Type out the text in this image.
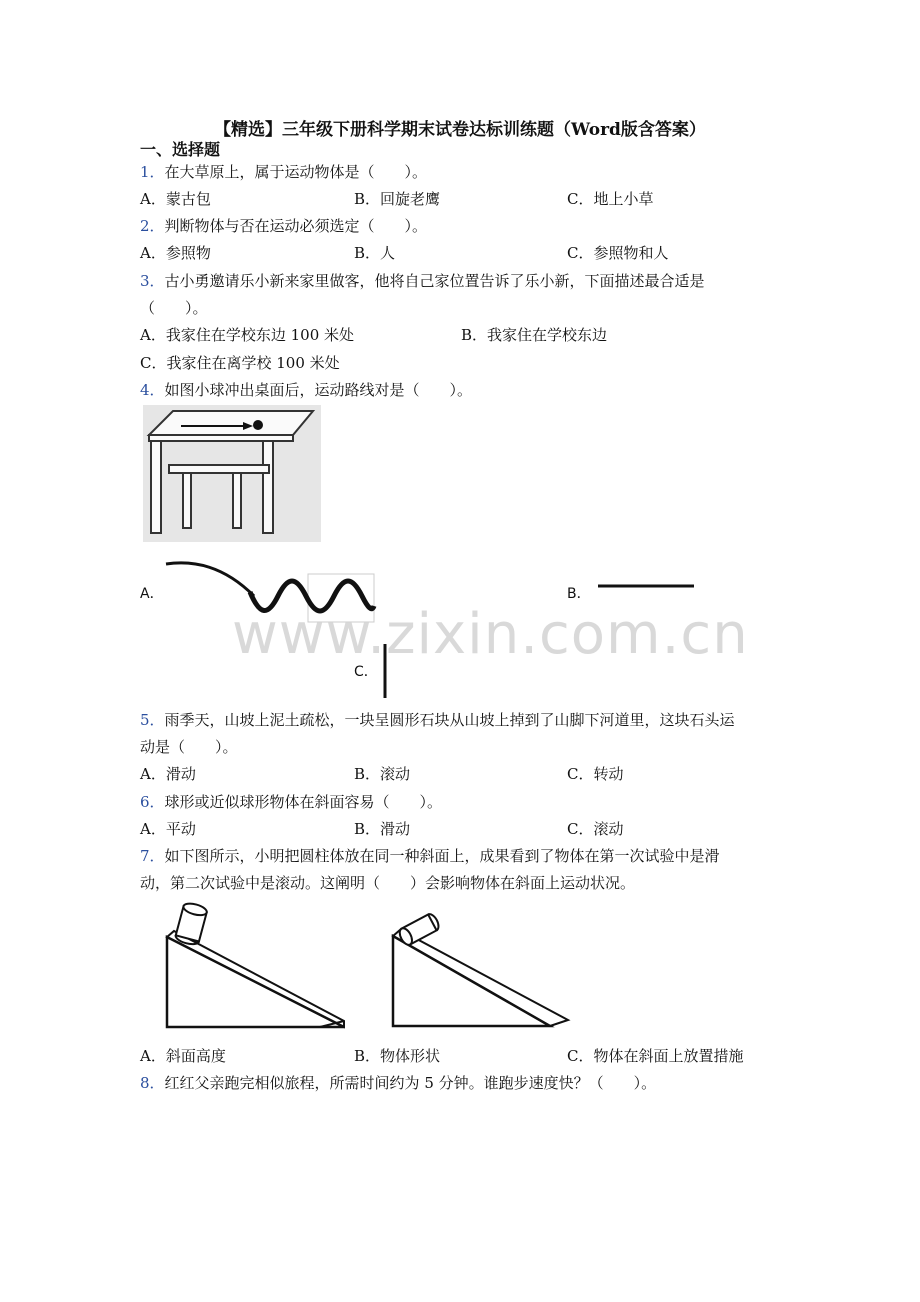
【精选】三年级下册科学期末试卷达标训练题（Word版含答案）
一、选择题
1．在大草原上，属于运动物体是（　　）。
A．蒙古包	B．回旋老鹰	C．地上小草
2．判断物体与否在运动必须选定（　　）。
A．参照物	B．人	C．参照物和人
3．古小勇邀请乐小新来家里做客，他将自己家位置告诉了乐小新，下面描述最合适是
（　　）。
A．我家住在学校东边 100 米处	B．我家住在学校东边
C．我家住在离学校 100 米处
4．如图小球冲出桌面后，运动路线对是（　　）。
A．	B．
C．
www.zixin.com.cn
5．雨季天，山坡上泥土疏松，一块呈圆形石块从山坡上掉到了山脚下河道里，这块石头运
动是（　　）。
A．滑动	B．滚动	C．转动
6．球形或近似球形物体在斜面容易（　　）。
A．平动	B．滑动	C．滚动
7．如下图所示，小明把圆柱体放在同一种斜面上，成果看到了物体在第一次试验中是滑
动，第二次试验中是滚动。这阐明（　　）会影响物体在斜面上运动状况。
A．斜面高度	B．物体形状	C．物体在斜面上放置措施
8．红红父亲跑完相似旅程，所需时间约为 5 分钟。谁跑步速度快？（　　）。
